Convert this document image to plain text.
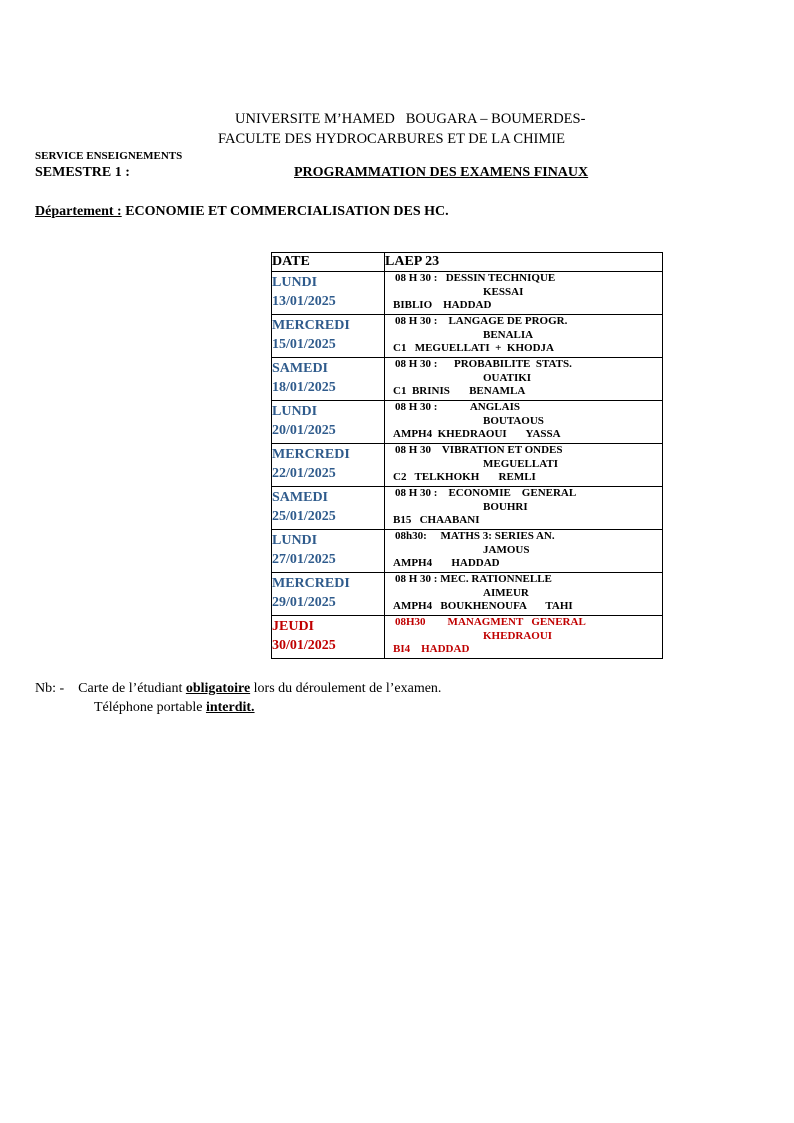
UNIVERSITE M’HAMED   BOUGARA – BOUMERDES-
FACULTE DES HYDROCARBURES ET DE LA CHIMIE
SERVICE ENSEIGNEMENTS
SEMESTRE 1 :	PROGRAMMATION DES EXAMENS FINAUX
Département : ECONOMIE ET COMMERCIALISATION DES HC.
DATE	LAEP 23

LUNDI
13/01/2025	08 H 30 :   DESSIN TECHNIQUE
KESSAI
BIBLIO    HADDAD

MERCREDI
15/01/2025	08 H 30 :    LANGAGE DE PROGR.
BENALIA
C1   MEGUELLATI  +  KHODJA

SAMEDI
18/01/2025	08 H 30 :      PROBABILITE  STATS.
OUATIKI
C1  BRINIS       BENAMLA

LUNDI
20/01/2025	08 H 30 :            ANGLAIS
BOUTAOUS
AMPH4  KHEDRAOUI       YASSA

MERCREDI
22/01/2025	08 H 30    VIBRATION ET ONDES
MEGUELLATI
C2   TELKHOKH       REMLI

SAMEDI
25/01/2025	08 H 30 :    ECONOMIE    GENERAL
BOUHRI
B15   CHAABANI

LUNDI
27/01/2025	08h30:     MATHS 3: SERIES AN.
JAMOUS
AMPH4       HADDAD

MERCREDI
29/01/2025	08 H 30 : MEC. RATIONNELLE
AIMEUR
AMPH4   BOUKHENOUFA       TAHI

JEUDI
30/01/2025	08H30        MANAGMENT   GENERAL
KHEDRAOUI
BI4    HADDAD
Nb: - Carte de l’étudiant obligatoire lors du déroulement de l’examen.
Téléphone portable interdit.
